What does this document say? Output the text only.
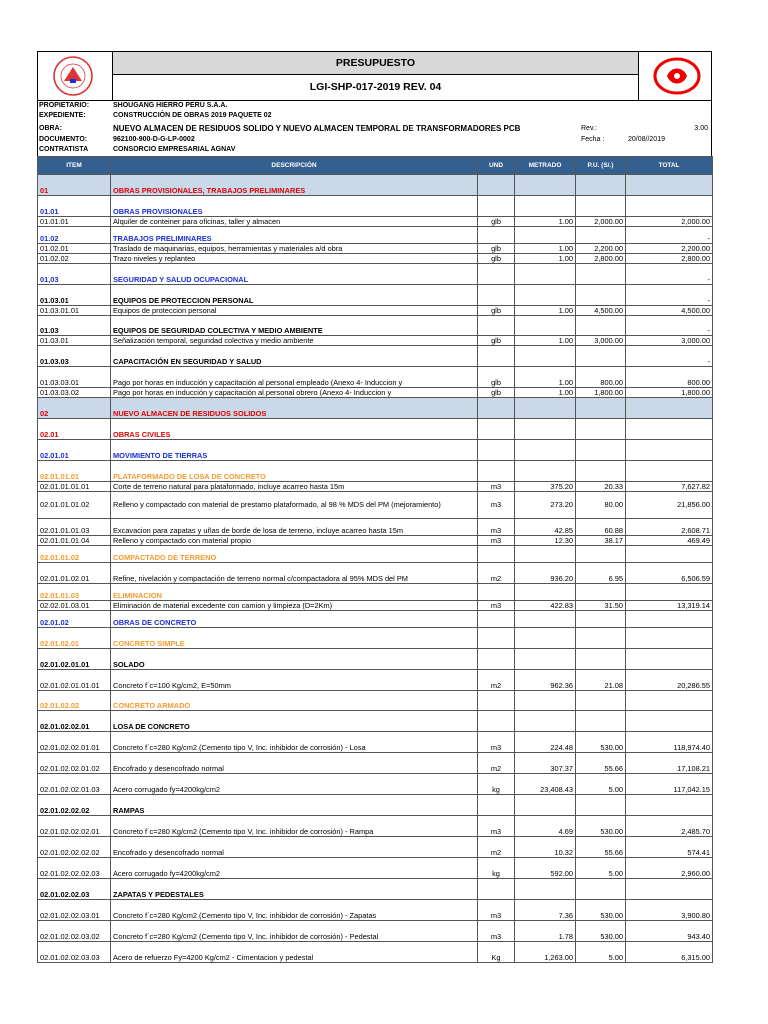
PRESUPUESTO
LGI-SHP-017-2019 REV. 04
PROPIETARIO:	SHOUGANG HIERRO PERÚ S.A.A.
EXPEDIENTE:	CONSTRUCCIÓN DE OBRAS 2019 PAQUETE 02
OBRA:	NUEVO ALMACEN DE RESIDUOS SOLIDO Y NUEVO ALMACEN TEMPORAL DE TRANSFORMADORES PCB	Rev.:	3.00
DOCUMENTO:	962100-900-D-G-LP-0002	Fecha :	20/08//2019
CONTRATISTA	CONSORCIO EMPRESARIAL AGNAV
ITEM	DESCRIPCIÓN	UND	METRADO	P.U. (S/.)	TOTAL
01	OBRAS PROVISIONALES, TRABAJOS PRELIMINARES				
01.01	OBRAS PROVISIONALES				
01.01.01	Alquiler de conteiner para oficinas, taller y almacen	glb	1.00	2,000.00	2,000.00
01.02	TRABAJOS PRELIMINARES				-
01.02.01	Traslado de maquinarias, equipos, herramientas y materiales a/d obra	glb	1.00	2,200.00	2,200.00
01.02.02	Trazo niveles y replanteo	glb	1.00	2,800.00	2,800.00
01,03	SEGURIDAD Y SALUD OCUPACIONAL				-
01.03.01	EQUIPOS DE PROTECCION PERSONAL				-
01.03.01.01	Equipos de proteccion personal	glb	1.00	4,500.00	4,500.00
01.03	EQUIPOS DE SEGURIDAD COLECTIVA Y MEDIO AMBIENTE				-
01.03.01	Señalización temporal, seguridad colectiva y medio ambiente	glb	1.00	3,000.00	3,000.00
01.03.03	CAPACITACIÓN EN SEGURIDAD Y SALUD				-
01.03.03.01	Pago por horas en inducción y capacitación al personal empleado (Anexo 4- Induccion y	glb	1.00	800.00	800.00
01.03.03.02	Pago por horas en inducción y capacitación al personal obrero (Anexo 4- Induccion y	glb	1.00	1,800.00	1,800.00
02	NUEVO ALMACEN DE RESIDUOS SOLIDOS				
02.01	OBRAS CIVILES				
02.01.01	MOVIMIENTO DE TIERRAS				
02.01.01.01	PLATAFORMADO DE LOSA DE CONCRETO				
02.01.01.01.01	Corte de terreno natural para plataformado, incluye acarreo hasta 15m	m3	375.20	20.33	7,627.82
02.01.01.01.02	Relleno y compactado con material de prestamo plataformado, al 98 % MDS del PM (mejoramiento)	m3	273.20	80.00	21,856.00
02.01.01.01.03	Excavacion para zapatas y uñas de borde de losa de terreno, incluye acarreo hasta 15m	m3	42.85	60.88	2,608.71
02.01.01.01.04	Relleno y compactado con material propio	m3	12.30	38.17	469.49
02.01.01.02	COMPACTADO DE TERRENO				
02.01.01.02.01	Refine, nivelación y compactación de terreno normal c/compactadora al 95% MDS del PM	m2	936.20	6.95	6,506.59
02.01.01.03	ELIMINACION				
02.02.01.03.01	Eliminación de material excedente con camion y limpieza (D=2Km)	m3	422.83	31.50	13,319.14
02.01.02	OBRAS DE CONCRETO				
02.01.02.01	CONCRETO SIMPLE				
02.01.02.01.01	SOLADO				
02.01.02.01.01.01	Concreto f´c=100 Kg/cm2, E=50mm	m2	962.36	21.08	20,286.55
02.01.02.02	CONCRETO ARMADO				
02.01.02.02.01	LOSA DE CONCRETO				
02.01.02.02.01.01	Concreto f´c=280 Kg/cm2 (Cemento tipo V, Inc. inhibidor de corrosión) - Losa	m3	224.48	530.00	118,974.40
02.01.02.02.01.02	Encofrado y desencofrado normal	m2	307.37	55.66	17,108.21
02.01.02.02.01.03	Acero corrugado fy=4200kg/cm2	kg	23,408.43	5.00	117,042.15
02.01.02.02.02	RAMPAS				
02.01.02.02.02.01	Concreto f´c=280 Kg/cm2 (Cemento tipo V, Inc. inhibidor de corrosión) - Rampa	m3	4.69	530.00	2,485.70
02.01.02.02.02.02	Encofrado y desencofrado normal	m2	10.32	55.66	574.41
02.01.02.02.02.03	Acero corrugado fy=4200kg/cm2	kg	592.00	5.00	2,960.00
02.01.02.02.03	ZAPATAS Y PEDESTALES				
02.01.02.02.03.01	Concreto f´c=280 Kg/cm2 (Cemento tipo V, Inc. inhibidor de corrosión) - Zapatas	m3	7.36	530.00	3,900.80
02.01.02.02.03.02	Concreto f´c=280 Kg/cm2 (Cemento tipo V, Inc. inhibidor de corrosión) - Pedestal	m3	1.78	530.00	943.40
02.01.02.02.03.03	Acero de refuerzo Fy=4200 Kg/cm2 - Cimentacion y pedestal	Kg	1,263.00	5.00	6,315.00
